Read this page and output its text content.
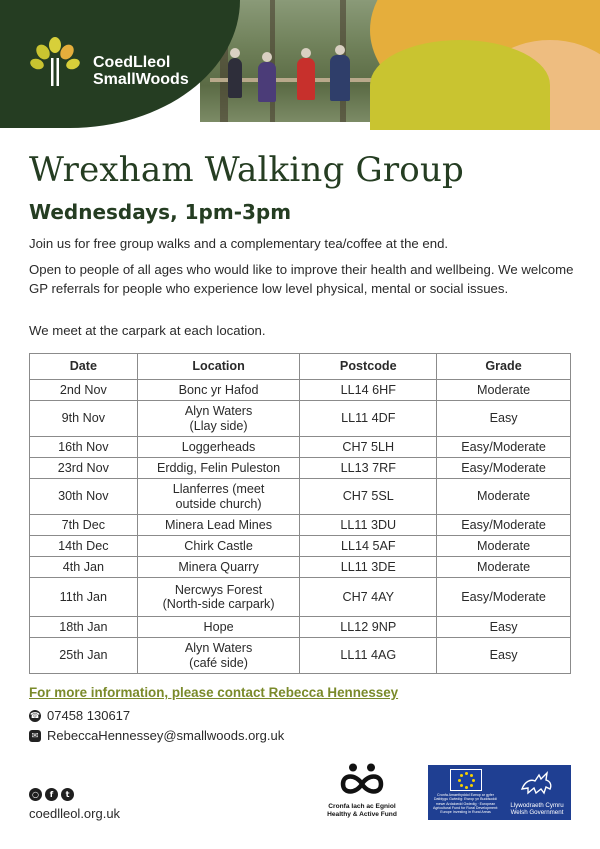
CoedLleol
SmallWoods
Wrexham Walking Group
Wednesdays, 1pm-3pm

Join us for free group walks and a complementary tea/coffee at the end.

Open to people of all ages who would like to improve their health and wellbeing. We welcome GP referrals for people who experience low level physical, mental or social issues.

We meet at the carpark at each location.

Date	Location	Postcode	Grade
2nd Nov	Bonc yr Hafod	LL14 6HF	Moderate
9th Nov	Alyn Waters
(Llay side)	LL11 4DF	Easy
16th Nov	Loggerheads	CH7 5LH	Easy/Moderate
23rd Nov	Erddig, Felin Puleston	LL13 7RF	Easy/Moderate
30th Nov	Llanferres (meet
outside church)	CH7 5SL	Moderate
7th Dec	Minera Lead Mines	LL11 3DU	Easy/Moderate
14th Dec	Chirk Castle	LL14 5AF	Moderate
4th Jan	Minera Quarry	LL11 3DE	Moderate
11th Jan	Nercwys Forest
(North-side carpark)	CH7 4AY	Easy/Moderate
18th Jan	Hope	LL12 9NP	Easy
25th Jan	Alyn Waters
(café side)	LL11 4AG	Easy
For more information, please contact Rebecca Hennessey
☎ 07458 130617
✉ RebeccaHennessey@smallwoods.org.uk
○	f	t
coedlleol.org.uk	Cronfa Iach ac Egniol
Healthy & Active Fund
Cronfa Amaethyddol Ewrop ar gyfer Datblygu Gwledig: Ewrop yn Buddsoddi mewn Ardaloedd Gwledig · European Agricultural Fund for Rural Development: Europe Investing in Rural Areas
Llywodraeth Cymru
Welsh Government
